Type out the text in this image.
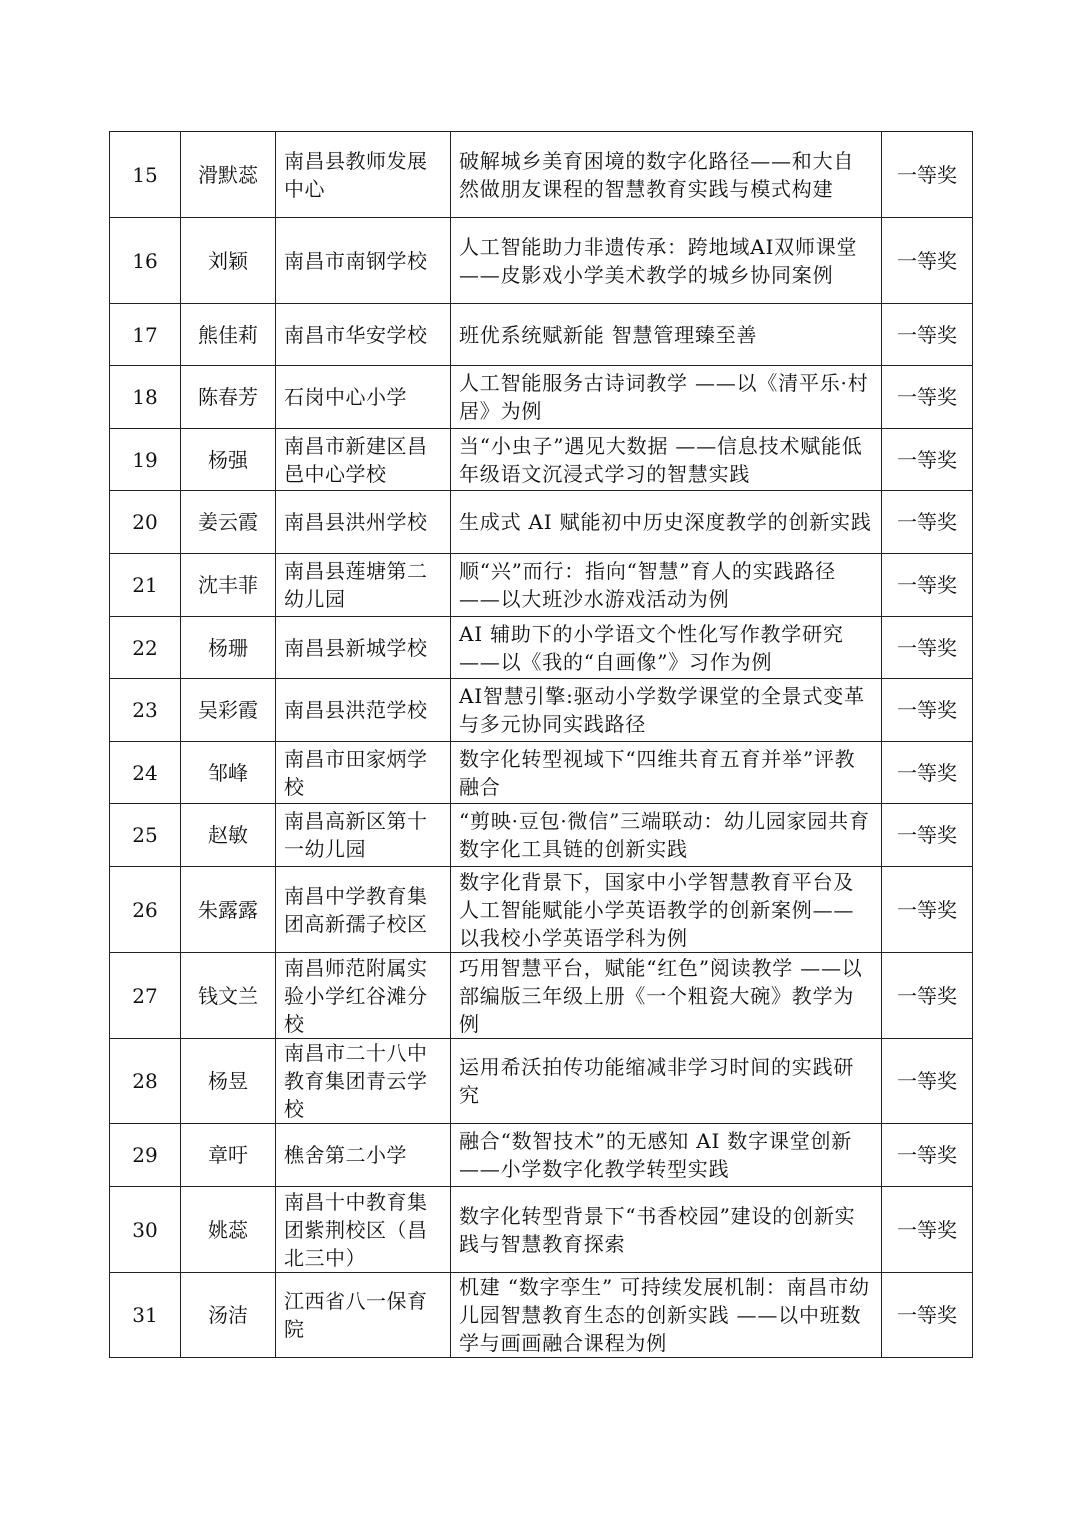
15	滑默蕊	南昌县教师发展中心	破解城乡美育困境的数字化路径——和大自然做朋友课程的智慧教育实践与模式构建	一等奖
16	刘颖	南昌市南钢学校	人工智能助力非遗传承：跨地域AI双师课堂——皮影戏小学美术教学的城乡协同案例	一等奖
17	熊佳莉	南昌市华安学校	班优系统赋新能 智慧管理臻至善	一等奖
18	陈春芳	石岗中心小学	人工智能服务古诗词教学 ——以《清平乐·村居》为例	一等奖
19	杨强	南昌市新建区昌邑中心学校	当“小虫子”遇见大数据 ——信息技术赋能低年级语文沉浸式学习的智慧实践	一等奖
20	姜云霞	南昌县洪州学校	生成式 AI 赋能初中历史深度教学的创新实践	一等奖
21	沈丰菲	南昌县莲塘第二幼儿园	顺“兴”而行：指向“智慧”育人的实践路径 ——以大班沙水游戏活动为例	一等奖
22	杨珊	南昌县新城学校	AI 辅助下的小学语文个性化写作教学研究——以《我的“自画像”》习作为例	一等奖
23	吴彩霞	南昌县洪范学校	AI智慧引擎:驱动小学数学课堂的全景式变革与多元协同实践路径	一等奖
24	邹峰	南昌市田家炳学校	数字化转型视域下“四维共育五育并举”评教融合	一等奖
25	赵敏	南昌高新区第十一幼儿园	“剪映·豆包·微信”三端联动：幼儿园家园共育数字化工具链的创新实践	一等奖
26	朱露露	南昌中学教育集团高新孺子校区	数字化背景下，国家中小学智慧教育平台及人工智能赋能小学英语教学的创新案例——以我校小学英语学科为例	一等奖
27	钱文兰	南昌师范附属实验小学红谷滩分校	巧用智慧平台，赋能“红色”阅读教学 ——以部编版三年级上册《一个粗瓷大碗》教学为例	一等奖
28	杨昱	南昌市二十八中教育集团青云学校	运用希沃拍传功能缩减非学习时间的实践研究	一等奖
29	章吁	樵舍第二小学	融合“数智技术”的无感知 AI 数字课堂创新 ——小学数字化教学转型实践	一等奖
30	姚蕊	南昌十中教育集团紫荆校区（昌北三中）	数字化转型背景下“书香校园”建设的创新实践与智慧教育探索	一等奖
31	汤洁	江西省八一保育院	机建 “数字孪生” 可持续发展机制：南昌市幼儿园智慧教育生态的创新实践 ——以中班数学与画画融合课程为例	一等奖
